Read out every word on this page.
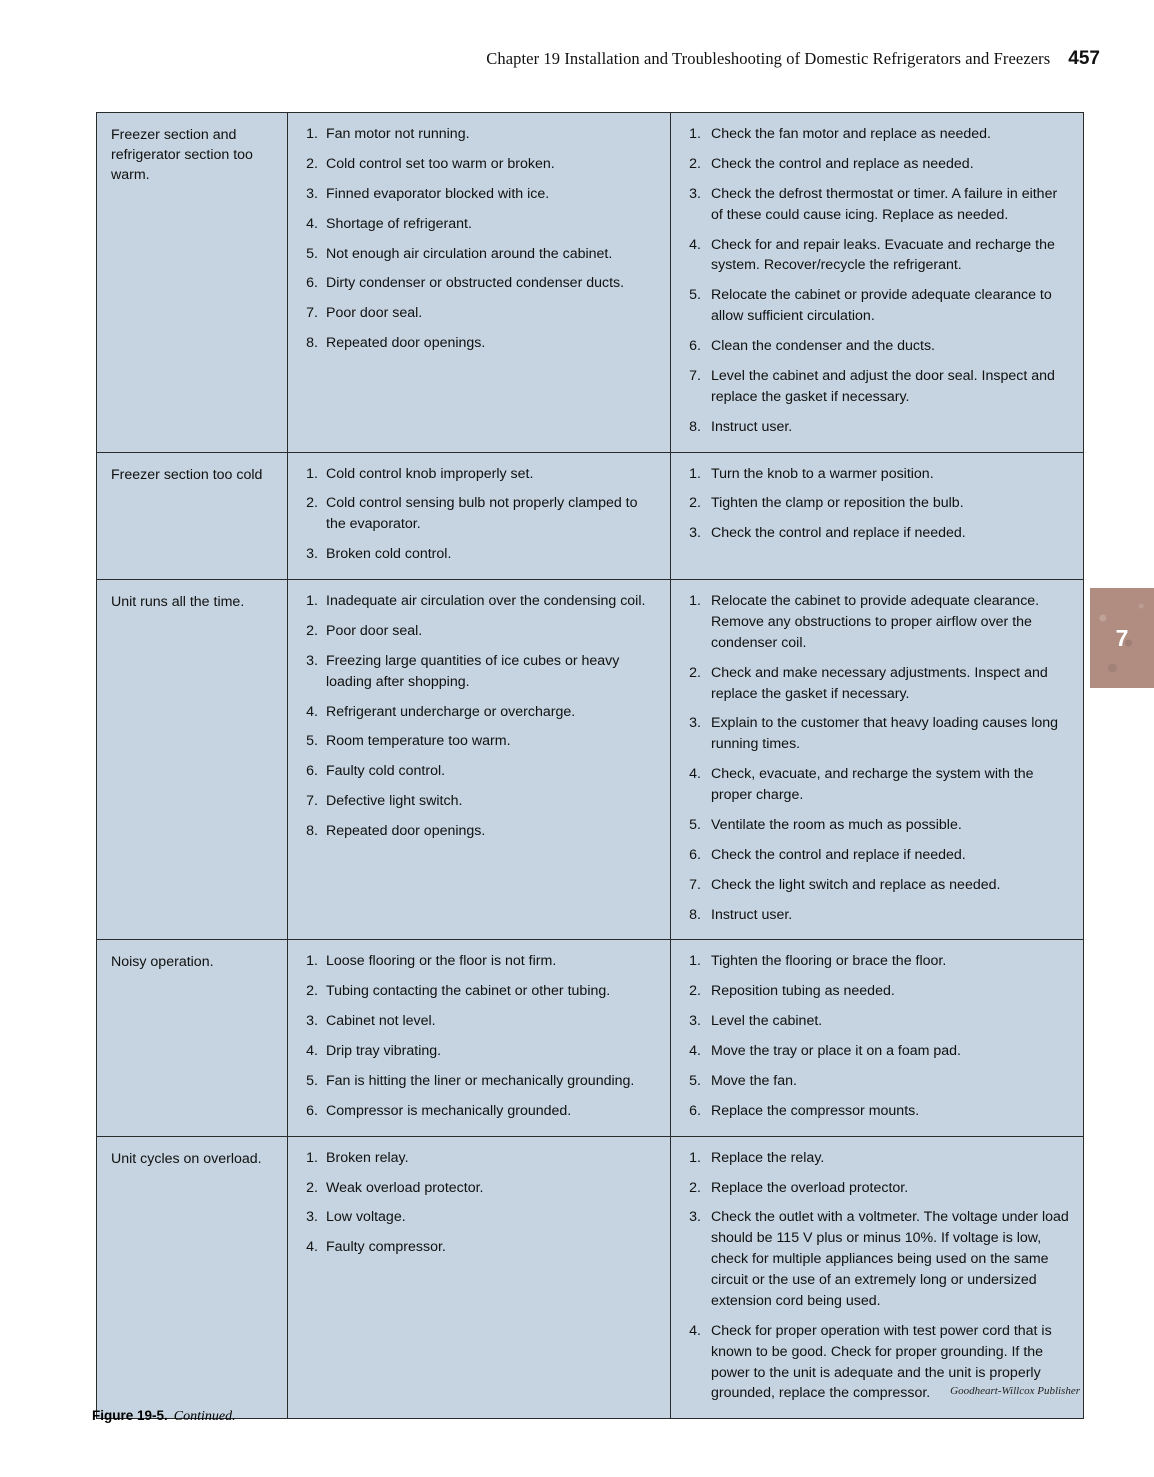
Chapter 19 Installation and Troubleshooting of Domestic Refrigerators and Freezers 457
7
Freezer section and refrigerator section too warm.

1. Fan motor not running.
2. Cold control set too warm or broken.
3. Finned evaporator blocked with ice.
4. Shortage of refrigerant.
5. Not enough air circulation around the cabinet.
6. Dirty condenser or obstructed condenser ducts.
7. Poor door seal.
8. Repeated door openings.

1. Check the fan motor and replace as needed.
2. Check the control and replace as needed.
3. Check the defrost thermostat or timer. A failure in either of these could cause icing. Replace as needed.
4. Check for and repair leaks. Evacuate and recharge the system. Recover/recycle the refrigerant.
5. Relocate the cabinet or provide adequate clearance to allow sufficient circulation.
6. Clean the condenser and the ducts.
7. Level the cabinet and adjust the door seal. Inspect and replace the gasket if necessary.
8. Instruct user.

Freezer section too cold	1. Cold control knob improperly set.
2. Cold control sensing bulb not properly clamped to the evaporator.
3. Broken cold control.

1. Turn the knob to a warmer position.
2. Tighten the clamp or reposition the bulb.
3. Check the control and replace if needed.

Unit runs all the time.	1. Inadequate air circulation over the condensing coil.
2. Poor door seal.
3. Freezing large quantities of ice cubes or heavy loading after shopping.
4. Refrigerant undercharge or overcharge.
5. Room temperature too warm.
6. Faulty cold control.
7. Defective light switch.
8. Repeated door openings.

1. Relocate the cabinet to provide adequate clearance. Remove any obstructions to proper airflow over the condenser coil.
2. Check and make necessary adjustments. Inspect and replace the gasket if necessary.
3. Explain to the customer that heavy loading causes long running times.
4. Check, evacuate, and recharge the system with the proper charge.
5. Ventilate the room as much as possible.
6. Check the control and replace if needed.
7. Check the light switch and replace as needed.
8. Instruct user.

Noisy operation.	1. Loose flooring or the floor is not firm.
2. Tubing contacting the cabinet or other tubing.
3. Cabinet not level.
4. Drip tray vibrating.
5. Fan is hitting the liner or mechanically grounding.
6. Compressor is mechanically grounded.

1. Tighten the flooring or brace the floor.
2. Reposition tubing as needed.
3. Level the cabinet.
4. Move the tray or place it on a foam pad.
5. Move the fan.
6. Replace the compressor mounts.

Unit cycles on overload.	1. Broken relay.
2. Weak overload protector.
3. Low voltage.
4. Faulty compressor.

1. Replace the relay.
2. Replace the overload protector.
3. Check the outlet with a voltmeter. The voltage under load should be 115 V plus or minus 10%. If voltage is low, check for multiple appliances being used on the same circuit or the use of an extremely long or undersized extension cord being used.
4. Check for proper operation with test power cord that is known to be good. Check for proper grounding. If the power to the unit is adequate and the unit is properly grounded, replace the compressor.	Goodheart-Willcox Publisher
Figure 19-5. Continued.
